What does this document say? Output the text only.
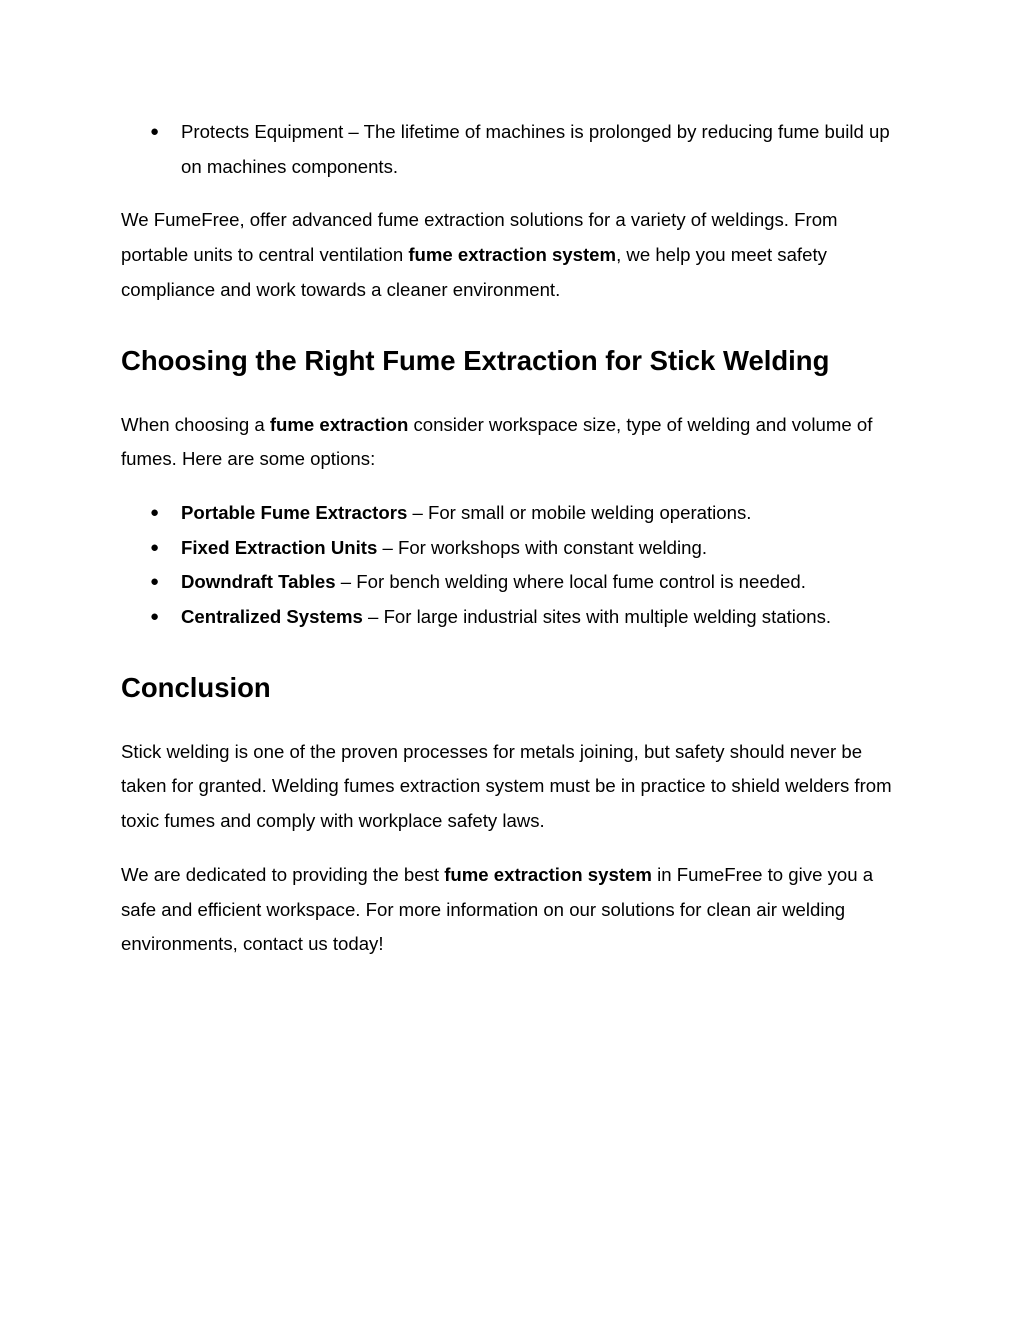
● Protects Equipment – The lifetime of machines is prolonged by reducing fume build up on machines components.

We FumeFree, offer advanced fume extraction solutions for a variety of weldings. From portable units to central ventilation fume extraction system, we help you meet safety compliance and work towards a cleaner environment.

Choosing the Right Fume Extraction for Stick Welding

When choosing a fume extraction consider workspace size, type of welding and volume of fumes. Here are some options:

● Portable Fume Extractors – For small or mobile welding operations.
● Fixed Extraction Units – For workshops with constant welding.
● Downdraft Tables – For bench welding where local fume control is needed.
● Centralized Systems – For large industrial sites with multiple welding stations.
Conclusion

Stick welding is one of the proven processes for metals joining, but safety should never be taken for granted. Welding fumes extraction system must be in practice to shield welders from toxic fumes and comply with workplace safety laws.

We are dedicated to providing the best fume extraction system in FumeFree to give you a safe and efficient workspace. For more information on our solutions for clean air welding environments, contact us today!
